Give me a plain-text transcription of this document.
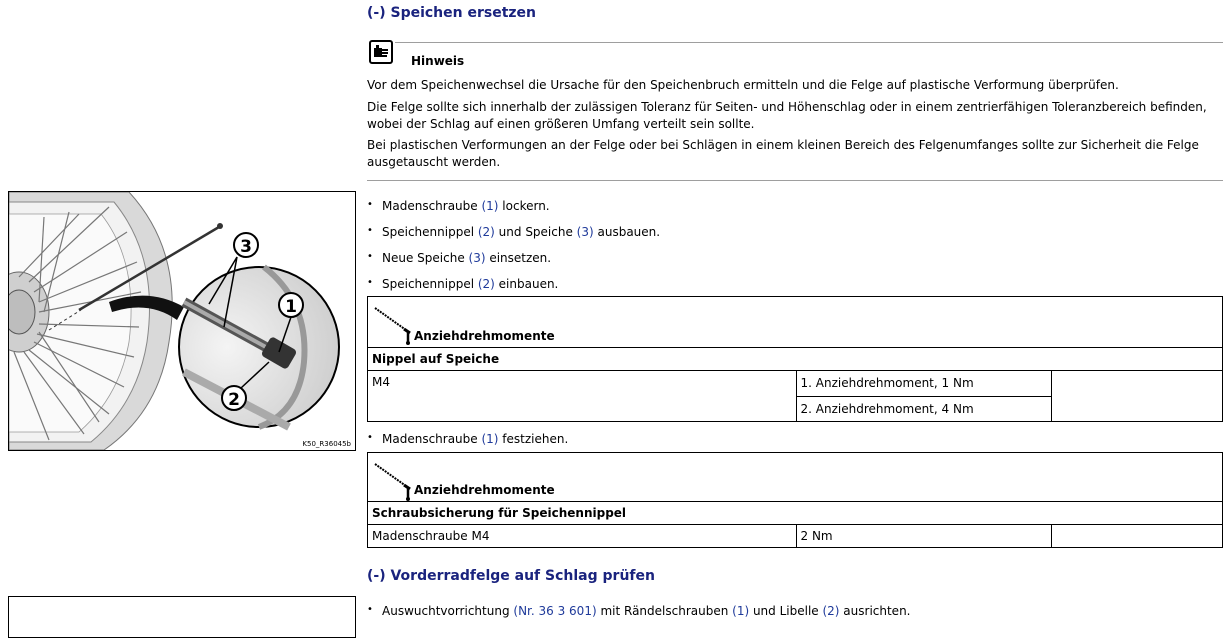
(-) Speichen ersetzen
Hinweis
Vor dem Speichenwechsel die Ursache für den Speichenbruch ermitteln und die Felge auf plastische Verformung überprüfen.
Die Felge sollte sich innerhalb der zulässigen Toleranz für Seiten- und Höhenschlag oder in einem zentrierfähigen Toleranzbereich befinden, wobei der Schlag auf einen größeren Umfang verteilt sein sollte.
Bei plastischen Verformungen an der Felge oder bei Schlägen in einem kleinen Bereich des Felgenumfanges sollte zur Sicherheit die Felge ausgetauscht werden.
3
1
2
K50_R36045b
• Madenschraube (1) lockern.
• Speichennippel (2) und Speiche (3) ausbauen.
• Neue Speiche (3) einsetzen.
• Speichennippel (2) einbauen.
Anziehdrehmomente

Nippel auf Speiche
M4	1. Anziehdrehmoment, 1 Nm	
2. Anziehdrehmoment, 4 Nm
• Madenschraube (1) festziehen.
Anziehdrehmomente

Schraubsicherung für Speichennippel
Madenschraube M4	2 Nm	
(-) Vorderradfelge auf Schlag prüfen
• Auswuchtvorrichtung (Nr. 36 3 601) mit Rändelschrauben (1) und Libelle (2) ausrichten.
